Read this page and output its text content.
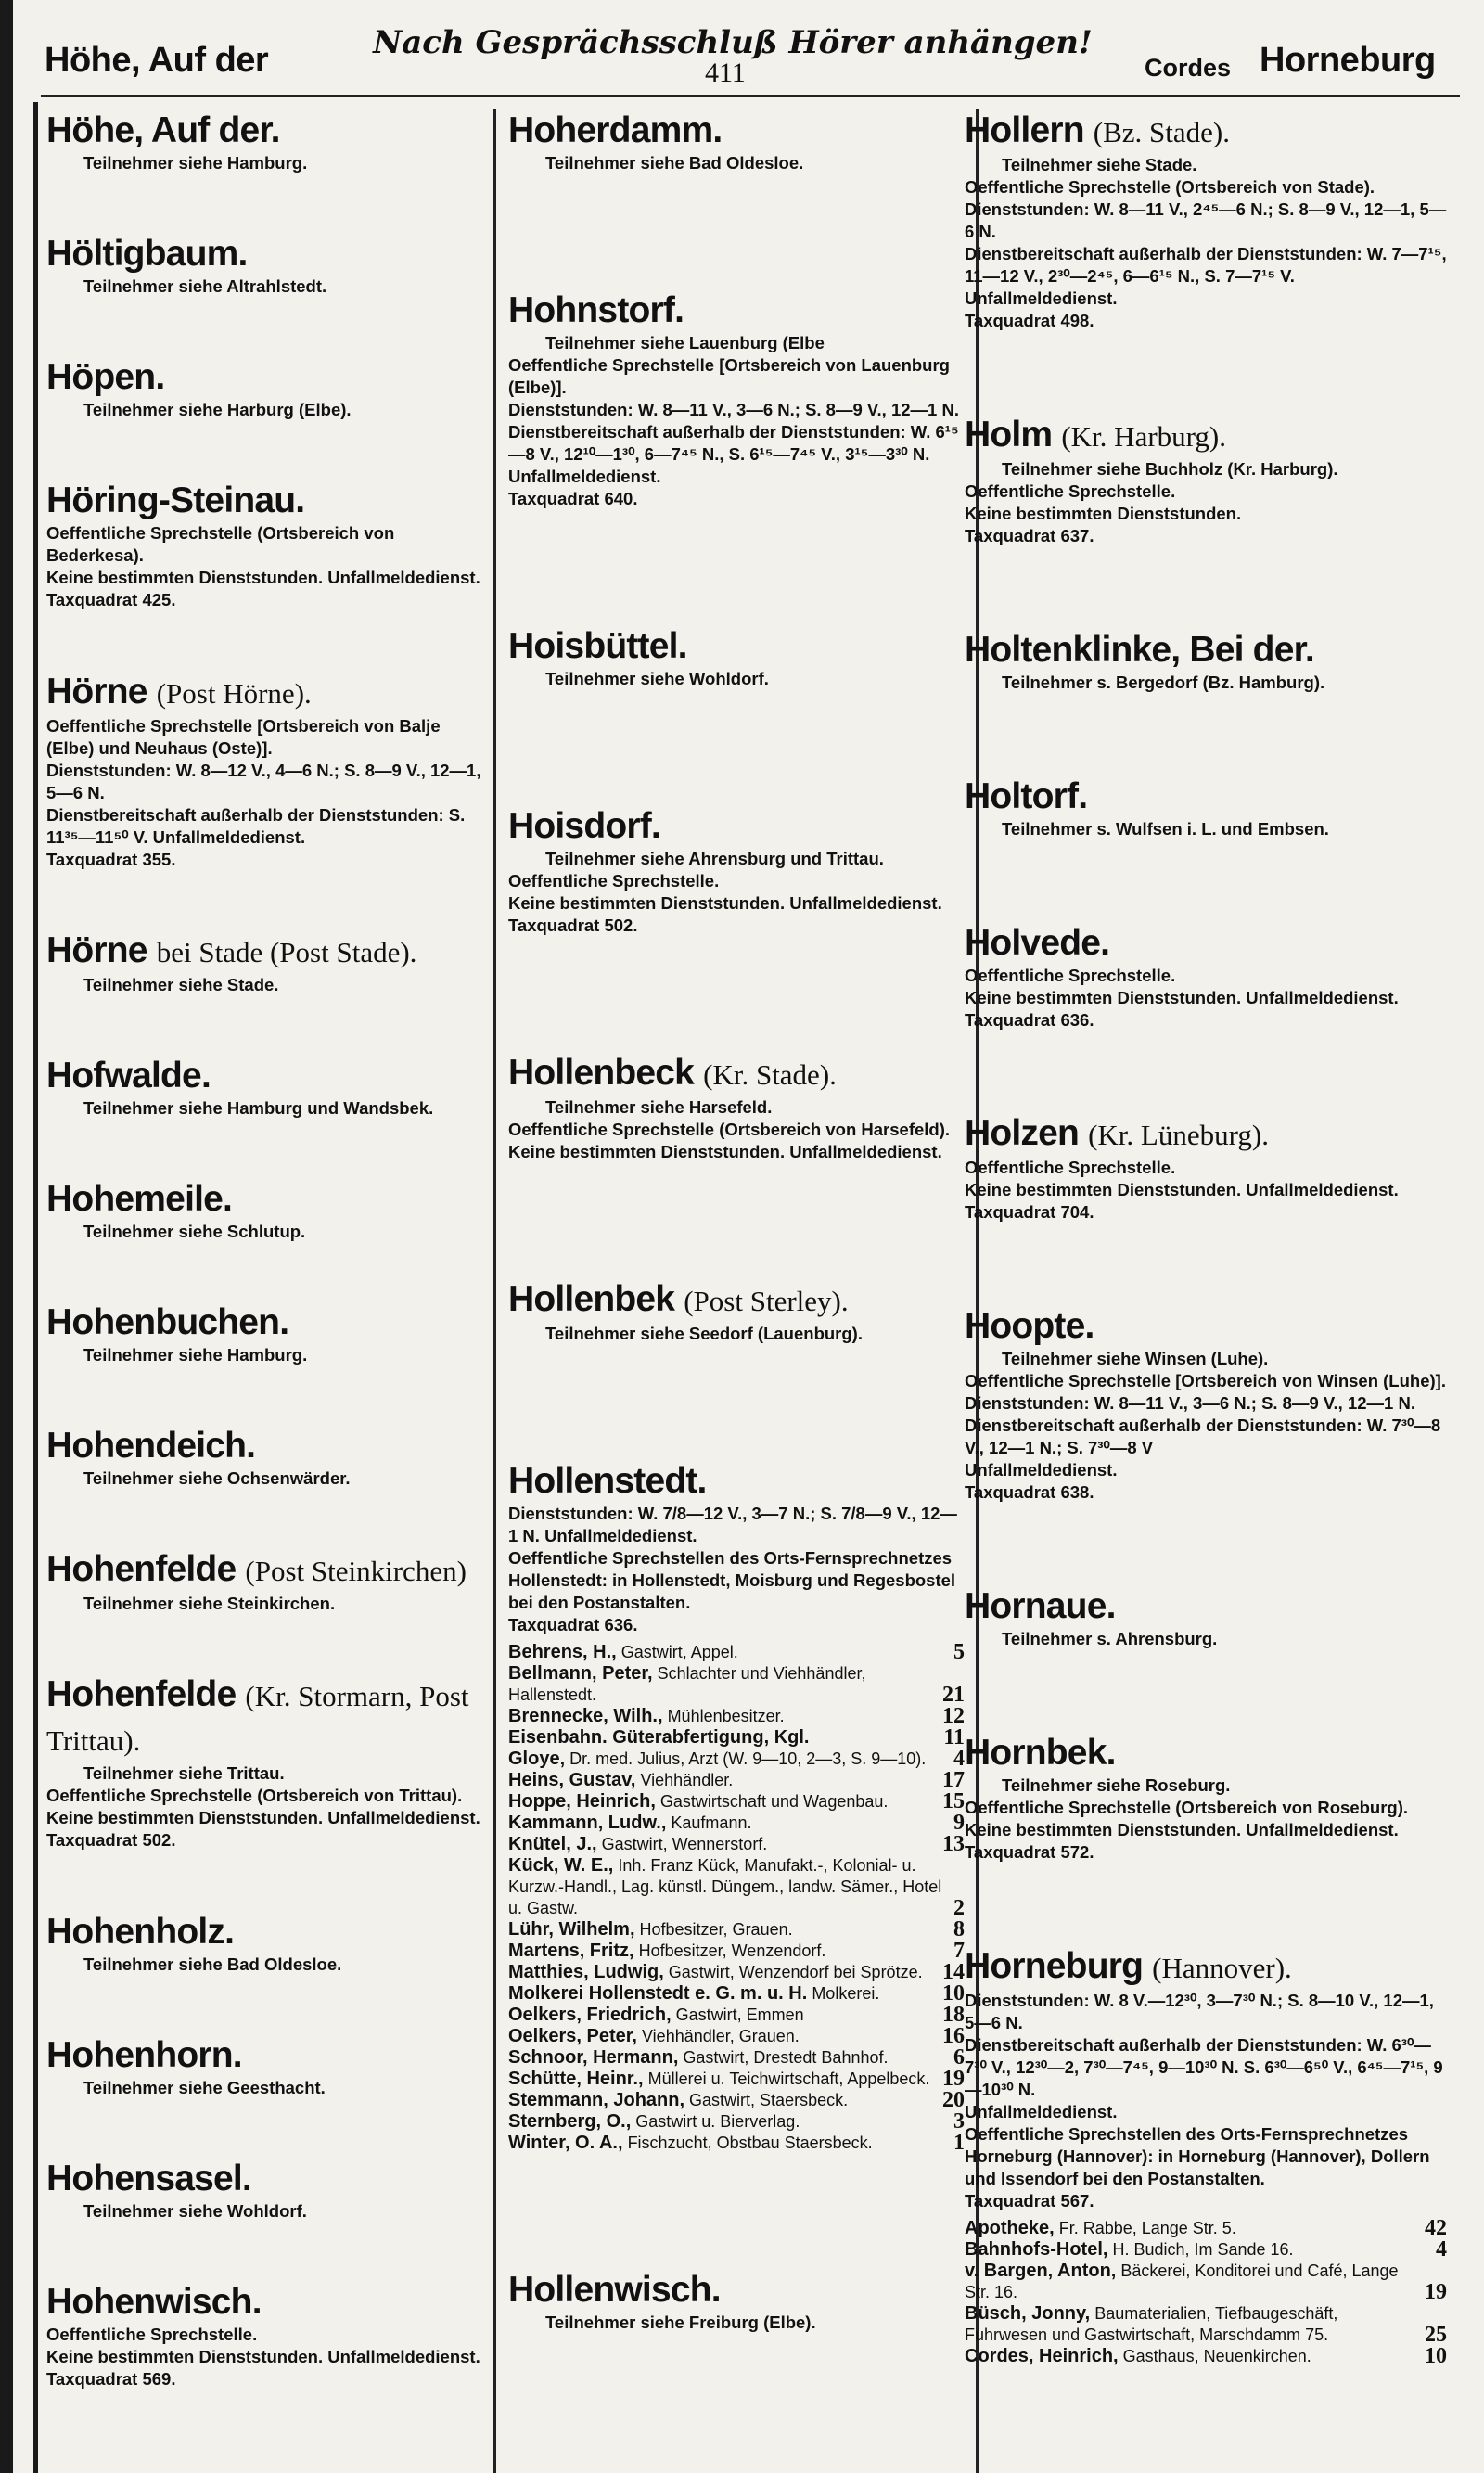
Höhe, Auf der	Nach Gesprächsschluß Hörer anhängen!
411	Cordes Horneburg
Höhe, Auf der.
Teilnehmer siehe Hamburg.
Höltigbaum.
Teilnehmer siehe Altrahlstedt.
Höpen.
Teilnehmer siehe Harburg (Elbe).
Höring-Steinau.
Oeffentliche Sprechstelle (Ortsbereich von Bederkesa).
Keine bestimmten Dienststunden. Unfallmeldedienst.
Taxquadrat 425.
Hörne (Post Hörne).
Oeffentliche Sprechstelle [Ortsbereich von Balje (Elbe) und Neuhaus (Oste)].
Dienststunden: W. 8—12 V., 4—6 N.; S. 8—9 V., 12—1, 5—6 N.
Dienstbereitschaft außerhalb der Dienststunden: S. 11³⁵—11⁵⁰ V. Unfallmeldedienst.
Taxquadrat 355.
Hörne bei Stade (Post Stade).
Teilnehmer siehe Stade.
Hofwalde.
Teilnehmer siehe Hamburg und Wandsbek.
Hohemeile.
Teilnehmer siehe Schlutup.
Hohenbuchen.
Teilnehmer siehe Hamburg.
Hohendeich.
Teilnehmer siehe Ochsenwärder.
Hohenfelde (Post Steinkirchen)
Teilnehmer siehe Steinkirchen.
Hohenfelde (Kr. Stormarn, Post Trittau).
Teilnehmer siehe Trittau.
Oeffentliche Sprechstelle (Ortsbereich von Trittau).
Keine bestimmten Dienststunden. Unfallmeldedienst.
Taxquadrat 502.
Hohenholz.
Teilnehmer siehe Bad Oldesloe.
Hohenhorn.
Teilnehmer siehe Geesthacht.
Hohensasel.
Teilnehmer siehe Wohldorf.
Hohenwisch.
Oeffentliche Sprechstelle.
Keine bestimmten Dienststunden. Unfallmeldedienst.
Taxquadrat 569.
Hoherdamm.
Teilnehmer siehe Bad Oldesloe.
Hohnstorf.
Teilnehmer siehe Lauenburg (Elbe
Oeffentliche Sprechstelle [Ortsbereich von Lauenburg (Elbe)].
Dienststunden: W. 8—11 V., 3—6 N.; S. 8—9 V., 12—1 N.
Dienstbereitschaft außerhalb der Dienststunden: W. 6¹⁵—8 V., 12¹⁰—1³⁰, 6—7⁴⁵ N., S. 6¹⁵—7⁴⁵ V., 3¹⁵—3³⁰ N. Unfallmeldedienst.
Taxquadrat 640.
Hoisbüttel.
Teilnehmer siehe Wohldorf.
Hoisdorf.
Teilnehmer siehe Ahrensburg und Trittau.
Oeffentliche Sprechstelle.
Keine bestimmten Dienststunden. Unfallmeldedienst.
Taxquadrat 502.
Hollenbeck (Kr. Stade).
Teilnehmer siehe Harsefeld.
Oeffentliche Sprechstelle (Ortsbereich von Harsefeld).
Keine bestimmten Dienststunden. Unfallmeldedienst.
Hollenbek (Post Sterley).
Teilnehmer siehe Seedorf (Lauenburg).
Hollenstedt.
Dienststunden: W. 7/8—12 V., 3—7 N.; S. 7/8—9 V., 12—1 N. Unfallmeldedienst.
Oeffentliche Sprechstellen des Orts-Fernsprechnetzes Hollenstedt: in Hollenstedt, Moisburg und Regesbostel bei den Postanstalten.
Taxquadrat 636.
Behrens, H., Gastwirt, Appel.	5
Bellmann, Peter, Schlachter und Viehhändler, Hallenstedt.	21
Brennecke, Wilh., Mühlenbesitzer.	12
Eisenbahn. Güterabfertigung, Kgl.	11
Gloye, Dr. med. Julius, Arzt (W. 9—10, 2—3, S. 9—10).	4
Heins, Gustav, Viehhändler.	17
Hoppe, Heinrich, Gastwirtschaft und Wagenbau.	15
Kammann, Ludw., Kaufmann.	9
Knütel, J., Gastwirt, Wennerstorf.	13
Kück, W. E., Inh. Franz Kück, Manufakt.-, Kolonial- u. Kurzw.-Handl., Lag. künstl. Düngem., landw. Sämer., Hotel u. Gastw.	2
Lühr, Wilhelm, Hofbesitzer, Grauen.	8
Martens, Fritz, Hofbesitzer, Wenzendorf.	7
Matthies, Ludwig, Gastwirt, Wenzendorf bei Sprötze. 14
Molkerei Hollenstedt e. G. m. u. H. Molkerei.	10
Oelkers, Friedrich, Gastwirt, Emmen	18
Oelkers, Peter, Viehhändler, Grauen.	16
Schnoor, Hermann, Gastwirt, Drestedt Bahnhof.	6
Schütte, Heinr., Müllerei u. Teichwirtschaft, Appelbeck. 19
Stemmann, Johann, Gastwirt, Staersbeck.	20
Sternberg, O., Gastwirt u. Bierverlag.	3
Winter, O. A., Fischzucht, Obstbau Staersbeck.	1
Hollenwisch.
Teilnehmer siehe Freiburg (Elbe).
Hollern (Bz. Stade).
Teilnehmer siehe Stade.
Oeffentliche Sprechstelle (Ortsbereich von Stade).
Dienststunden: W. 8—11 V., 2⁴⁵—6 N.; S. 8—9 V., 12—1, 5—6 N.
Dienstbereitschaft außerhalb der Dienststunden: W. 7—7¹⁵, 11—12 V., 2³⁰—2⁴⁵, 6—6¹⁵ N., S. 7—7¹⁵ V. Unfallmeldedienst.
Taxquadrat 498.
Holm (Kr. Harburg).
Teilnehmer siehe Buchholz (Kr. Harburg).
Oeffentliche Sprechstelle.
Keine bestimmten Dienststunden.
Taxquadrat 637.
Holtenklinke, Bei der.
Teilnehmer s. Bergedorf (Bz. Hamburg).
Holtorf.
Teilnehmer s. Wulfsen i. L. und Embsen.
Holvede.
Oeffentliche Sprechstelle.
Keine bestimmten Dienststunden. Unfallmeldedienst.
Taxquadrat 636.
Holzen (Kr. Lüneburg).
Oeffentliche Sprechstelle.
Keine bestimmten Dienststunden. Unfallmeldedienst.
Taxquadrat 704.
Hoopte.
Teilnehmer siehe Winsen (Luhe).
Oeffentliche Sprechstelle [Ortsbereich von Winsen (Luhe)].
Dienststunden: W. 8—11 V., 3—6 N.; S. 8—9 V., 12—1 N.
Dienstbereitschaft außerhalb der Dienststunden: W. 7³⁰—8 V., 12—1 N.; S. 7³⁰—8 V
Unfallmeldedienst.
Taxquadrat 638.
Hornaue.
Teilnehmer s. Ahrensburg.
Hornbek.
Teilnehmer siehe Roseburg.
Oeffentliche Sprechstelle (Ortsbereich von Roseburg).
Keine bestimmten Dienststunden. Unfallmeldedienst.
Taxquadrat 572.
Horneburg (Hannover).
Dienststunden: W. 8 V.—12³⁰, 3—7³⁰ N.; S. 8—10 V., 12—1, 5—6 N.
Dienstbereitschaft außerhalb der Dienststunden: W. 6³⁰—7³⁰ V., 12³⁰—2, 7³⁰—7⁴⁵, 9—10³⁰ N. S. 6³⁰—6⁵⁰ V., 6⁴⁵—7¹⁵, 9—10³⁰ N.
Unfallmeldedienst.
Oeffentliche Sprechstellen des Orts-Fernsprechnetzes Horneburg (Hannover): in Horneburg (Hannover), Dollern und Issendorf bei den Postanstalten.
Taxquadrat 567.
Apotheke, Fr. Rabbe, Lange Str. 5.	42
Bahnhofs-Hotel, H. Budich, Im Sande 16.	4
v. Bargen, Anton, Bäckerei, Konditorei und Café, Lange Str. 16.	19
Büsch, Jonny, Baumaterialien, Tiefbaugeschäft, Fuhrwesen und Gastwirtschaft, Marschdamm 75.	25
Cordes, Heinrich, Gasthaus, Neuenkirchen.	10
